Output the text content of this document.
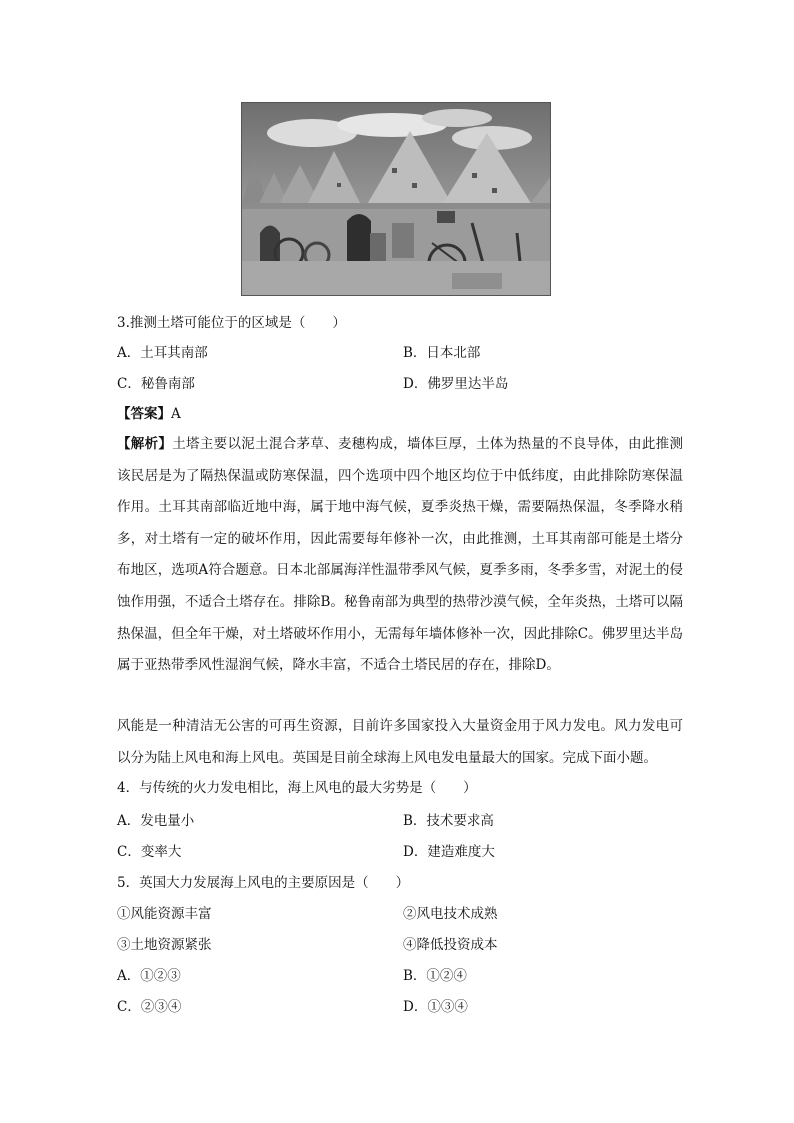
3.推测土塔可能位于的区域是（　　）
A．土耳其南部	B．日本北部
C．秘鲁南部	D．佛罗里达半岛
【答案】A
【解析】土塔主要以泥土混合茅草、麦穗构成，墙体巨厚，土体为热量的不良导体，由此推测该民居是为了隔热保温或防寒保温，四个选项中四个地区均位于中低纬度，由此排除防寒保温作用。土耳其南部临近地中海，属于地中海气候，夏季炎热干燥，需要隔热保温，冬季降水稍多，对土塔有一定的破坏作用，因此需要每年修补一次，由此推测，土耳其南部可能是土塔分布地区，选项A符合题意。日本北部属海洋性温带季风气候，夏季多雨，冬季多雪，对泥土的侵蚀作用强，不适合土塔存在。排除B。秘鲁南部为典型的热带沙漠气候，全年炎热，土塔可以隔热保温，但全年干燥，对土塔破坏作用小，无需每年墙体修补一次，因此排除C。佛罗里达半岛属于亚热带季风性湿润气候，降水丰富，不适合土塔民居的存在，排除D。
风能是一种清洁无公害的可再生资源，目前许多国家投入大量资金用于风力发电。风力发电可以分为陆上风电和海上风电。英国是目前全球海上风电发电量最大的国家。完成下面小题。
4．与传统的火力发电相比，海上风电的最大劣势是（　　）
A．发电量小	B．技术要求高
C．变率大	D．建造难度大
5．英国大力发展海上风电的主要原因是（　　）
①风能资源丰富	②风电技术成熟
③土地资源紧张	④降低投资成本
A．①②③	B．①②④
C．②③④	D．①③④
